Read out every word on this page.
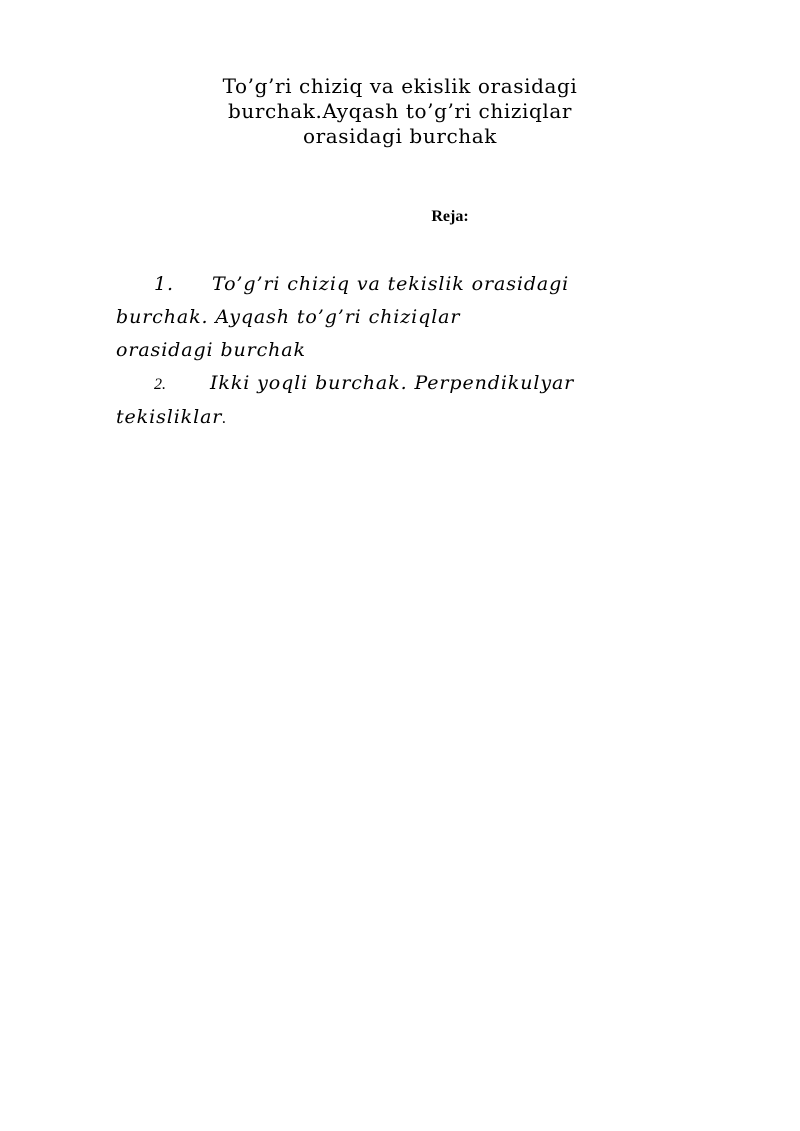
To’g’ri chiziq va ekislik orasidagi
burchak.Ayqash to’g’ri chiziqlar
orasidagi burchak
Reja:
1. To’g’ri chiziq va tekislik orasidagi
burchak. Ayqash to’g’ri chiziqlar
orasidagi burchak
2. Ikki yoqli burchak. Perpendikulyar
tekisliklar.
